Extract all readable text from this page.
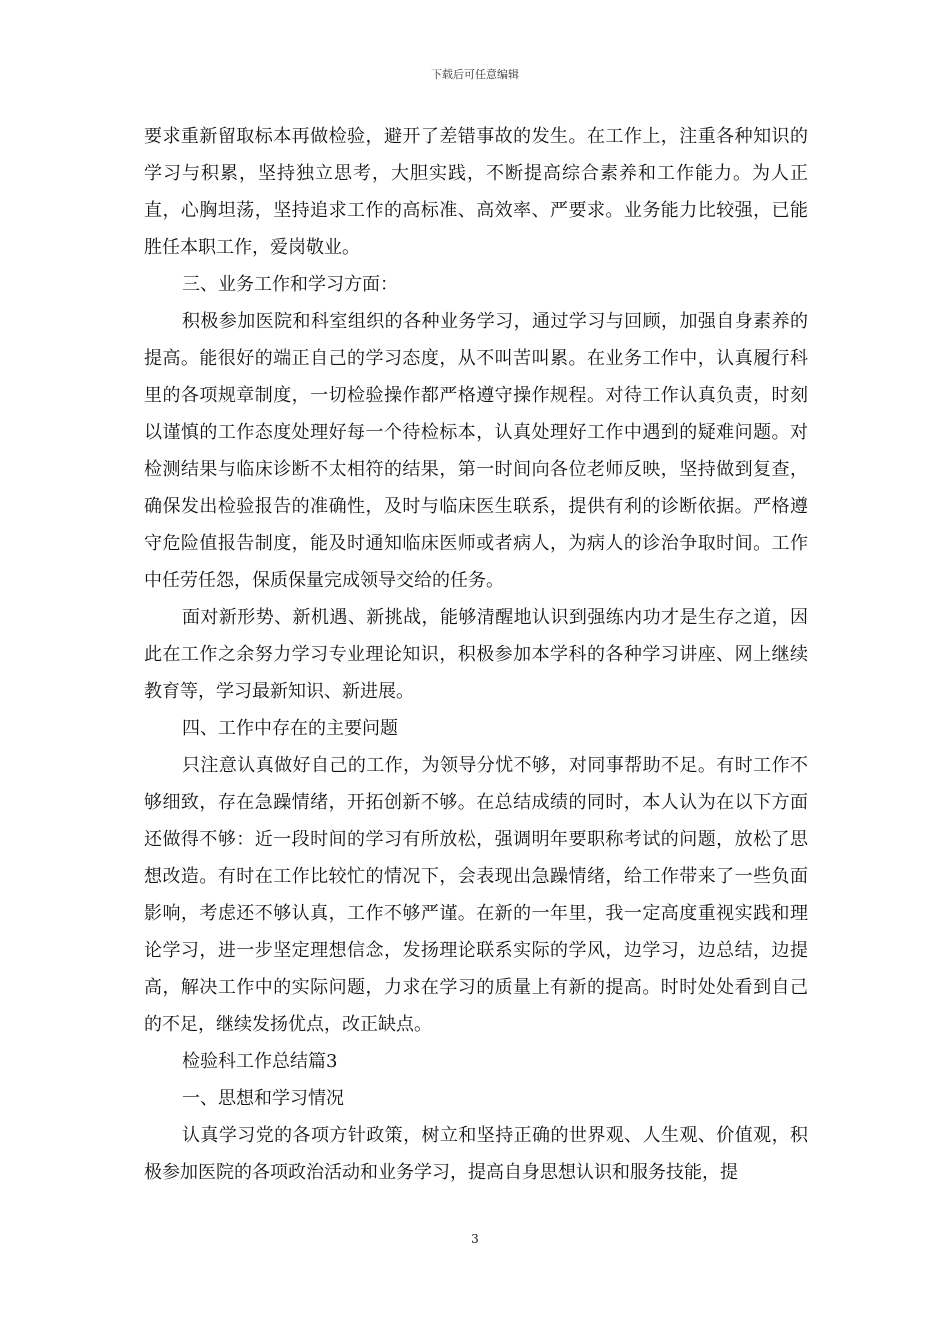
下载后可任意编辑

要求重新留取标本再做检验，避开了差错事故的发生。在工作上，注重各种知识的学习与积累，坚持独立思考，大胆实践，不断提高综合素养和工作能力。为人正直，心胸坦荡，坚持追求工作的高标准、高效率、严要求。业务能力比较强，已能胜任本职工作，爱岗敬业。

三、业务工作和学习方面：

积极参加医院和科室组织的各种业务学习，通过学习与回顾，加强自身素养的提高。能很好的端正自己的学习态度，从不叫苦叫累。在业务工作中，认真履行科里的各项规章制度，一切检验操作都严格遵守操作规程。对待工作认真负责，时刻以谨慎的工作态度处理好每一个待检标本，认真处理好工作中遇到的疑难问题。对检测结果与临床诊断不太相符的结果，第一时间向各位老师反映，坚持做到复查，确保发出检验报告的准确性，及时与临床医生联系，提供有利的诊断依据。严格遵守危险值报告制度，能及时通知临床医师或者病人，为病人的诊治争取时间。工作中任劳任怨，保质保量完成领导交给的任务。

面对新形势、新机遇、新挑战，能够清醒地认识到强练内功才是生存之道，因此在工作之余努力学习专业理论知识，积极参加本学科的各种学习讲座、网上继续教育等，学习最新知识、新进展。

四、工作中存在的主要问题

只注意认真做好自己的工作，为领导分忧不够，对同事帮助不足。有时工作不够细致，存在急躁情绪，开拓创新不够。在总结成绩的同时，本人认为在以下方面还做得不够：近一段时间的学习有所放松，强调明年要职称考试的问题，放松了思想改造。有时在工作比较忙的情况下，会表现出急躁情绪，给工作带来了一些负面影响，考虑还不够认真，工作不够严谨。在新的一年里，我一定高度重视实践和理论学习，进一步坚定理想信念，发扬理论联系实际的学风，边学习，边总结，边提高，解决工作中的实际问题，力求在学习的质量上有新的提高。时时处处看到自己的不足，继续发扬优点，改正缺点。

检验科工作总结篇3

一、思想和学习情况

认真学习党的各项方针政策，树立和坚持正确的世界观、人生观、价值观，积极参加医院的各项政治活动和业务学习，提高自身思想认识和服务技能，提

3
